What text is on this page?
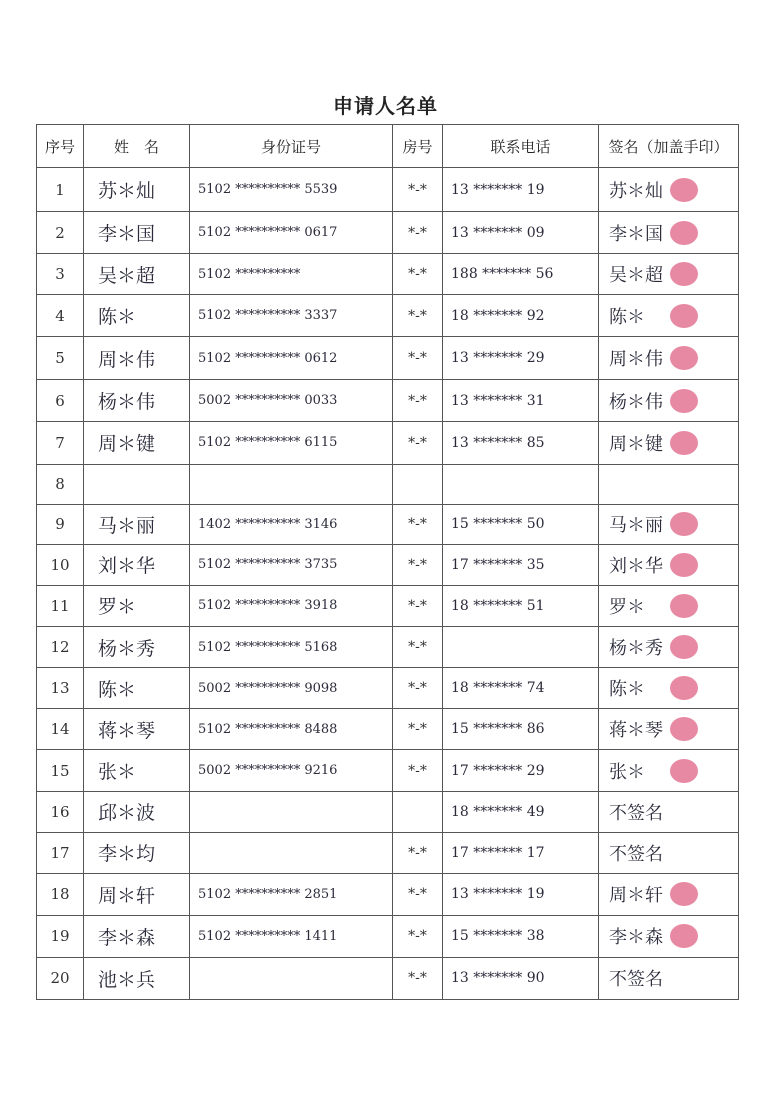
申请人名单
序号	姓　名	身份证号	房号	联系电话	签名（加盖手印）
1	苏＊灿	5102 ********** 5539	*-*	13 ******* 19	苏＊灿

2	李＊国	5102 ********** 0617	*-*	13 ******* 09	李＊国

3	吴＊超	5102 **********	*-*	188 ******* 56	吴＊超

4	陈＊	5102 ********** 3337	*-*	18 ******* 92	陈＊

5	周＊伟	5102 ********** 0612	*-*	13 ******* 29	周＊伟

6	杨＊伟	5002 ********** 0033	*-*	13 ******* 31	杨＊伟

7	周＊键	5102 ********** 6115	*-*	13 ******* 85	周＊键

8					
9	马＊丽	1402 ********** 3146	*-*	15 ******* 50	马＊丽

10	刘＊华	5102 ********** 3735	*-*	17 ******* 35	刘＊华

11	罗＊	5102 ********** 3918	*-*	18 ******* 51	罗＊

12	杨＊秀	5102 ********** 5168	*-*		杨＊秀

13	陈＊	5002 ********** 9098	*-*	18 ******* 74	陈＊

14	蒋＊琴	5102 ********** 8488	*-*	15 ******* 86	蒋＊琴

15	张＊	5002 ********** 9216	*-*	17 ******* 29	张＊

16	邱＊波			18 ******* 49	不签名
17	李＊均		*-*	17 ******* 17	不签名
18	周＊轩	5102 ********** 2851	*-*	13 ******* 19	周＊轩

19	李＊森	5102 ********** 1411	*-*	15 ******* 38	李＊森

20	池＊兵		*-*	13 ******* 90	不签名
